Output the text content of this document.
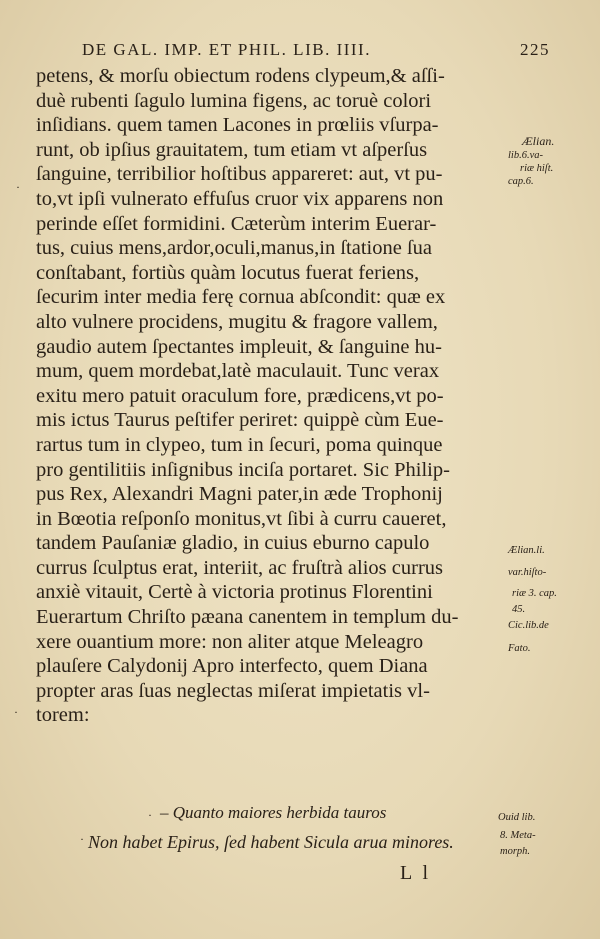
DE GAL. IMP. ET PHIL. LIB. IIII.	225
petens, & morſu obiectum rodens clypeum,& aſſi-
duè rubenti ſagulo lumina figens, ac toruè colori
inſidians. quem tamen Lacones in prœliis vſurpa-
runt, ob ipſius grauitatem, tum etiam vt aſperſus
ſanguine, terribilior hoſtibus appareret: aut, vt pu-
to,vt ipſi vulnerato effuſus cruor vix apparens non
perinde eſſet formidini. Cæterùm interim Euerar-
tus, cuius mens,ardor,oculi,manus,in ſtatione ſua
conſtabant, fortiùs quàm locutus fuerat feriens,
ſecurim inter media ferę cornua abſcondit: quæ ex
alto vulnere procidens, mugitu & fragore vallem,
gaudio autem ſpectantes impleuit, & ſanguine hu-
mum, quem mordebat,latè maculauit. Tunc verax
exitu mero patuit oraculum fore, prædicens,vt po-
mis ictus Taurus peſtifer periret: quippè cùm Eue-
rartus tum in clypeo, tum in ſecuri, poma quinque
pro gentilitiis inſignibus inciſa portaret. Sic Philip-
pus Rex, Alexandri Magni pater,in æde Trophonij
in Bœotia reſponſo monitus,vt ſibi à curru caueret,
tandem Pauſaniæ gladio, in cuius eburno capulo
currus ſculptus erat, interiit, ac fruſtrà alios currus
anxiè vitauit, Certè à victoria protinus Florentini
Euerartum Chriſto pæana canentem in templum du-
xere ouantium more: non aliter atque Meleagro
plauſere Calydonij Apro interfecto, quem Diana
propter aras ſuas neglectas miſerat impietatis vl-
torem:
Ælian.
lib.6.va-
riæ hiſt.
cap.6.
Ælian.li.
var.hiſto-
riæ 3. cap.
45.
Cic.lib.de
Fato.
Ouid lib.
8. Meta-
morph.
– Quanto maiores herbida tauros
Non habet Epirus, ſed habent Sicula arua minores.
L l
·
·
·
·
